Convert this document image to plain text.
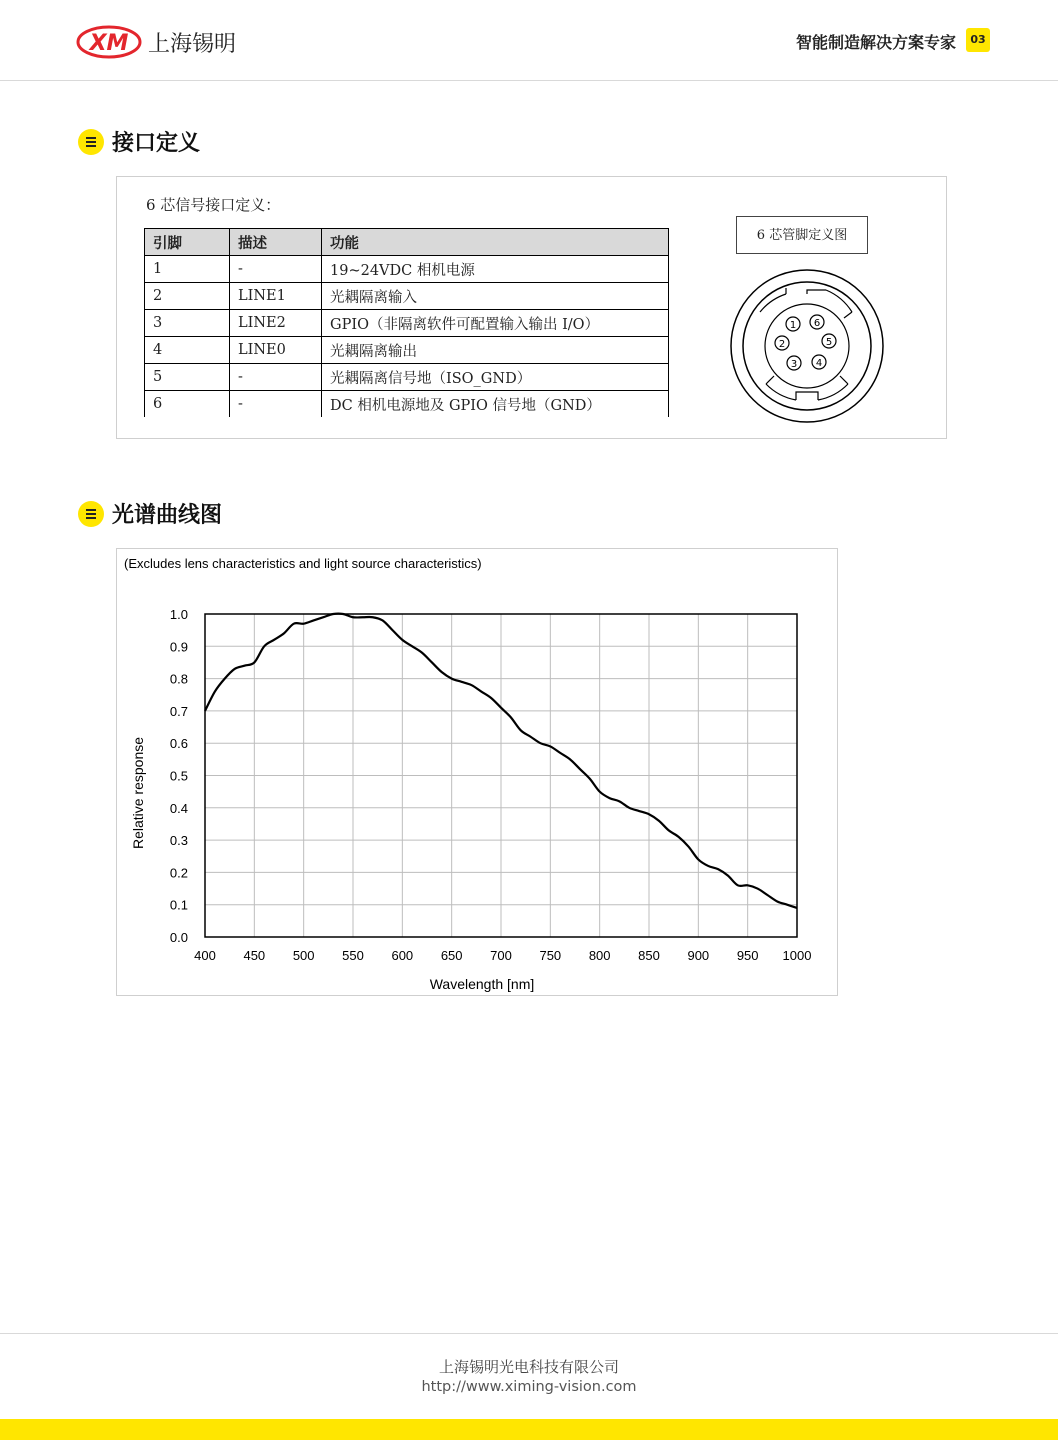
XM 上海锡明	智能制造解决方案专家	03
接口定义
6 芯信号接口定义：
引脚	描述	功能
1	-	19~24VDC 相机电源
2	LINE1	光耦隔离输入
3	LINE2	GPIO（非隔离软件可配置输入输出 I/O）
4	LINE0	光耦隔离输出
5	-	光耦隔离信号地（ISO_GND）
6	-	DC 相机电源地及 GPIO 信号地（GND）
6 芯管脚定义图
1 6
2	5
3 4
光谱曲线图
(Excludes lens characteristics and light source characteristics)
0.0
0.1
0.2
0.3
0.4
0.5
0.6
0.7
0.8
0.9
1.0
400 450 500 550 600 650 700 750 800 850 900 950 1000
Wavelength [nm]
Relative response
上海锡明光电科技有限公司
http://www.ximing-vision.com
